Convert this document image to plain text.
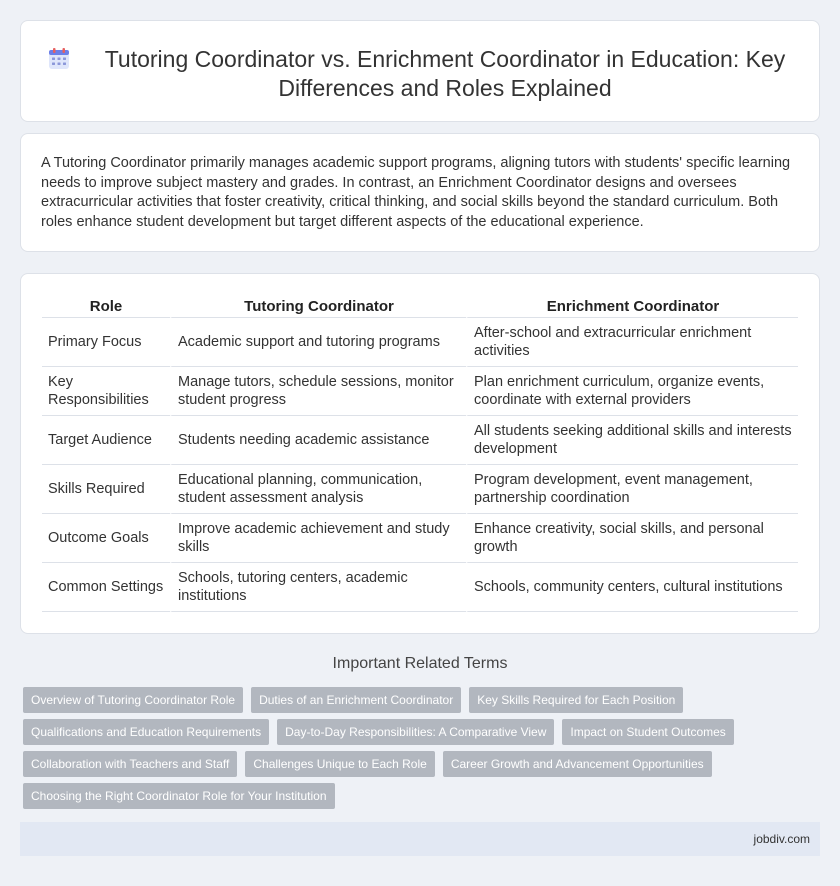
Tutoring Coordinator vs. Enrichment Coordinator in Education: Key Differences and Roles Explained

A Tutoring Coordinator primarily manages academic support programs, aligning tutors with students' specific learning needs to improve subject mastery and grades. In contrast, an Enrichment Coordinator designs and oversees extracurricular activities that foster creativity, critical thinking, and social skills beyond the standard curriculum. Both roles enhance student development but target different aspects of the educational experience.

Role	Tutoring Coordinator	Enrichment Coordinator
Primary Focus	Academic support and tutoring programs	After-school and extracurricular enrichment activities
Key Responsibilities	Manage tutors, schedule sessions, monitor student progress	Plan enrichment curriculum, organize events, coordinate with external providers
Target Audience	Students needing academic assistance	All students seeking additional skills and interests development
Skills Required	Educational planning, communication, student assessment analysis	Program development, event management, partnership coordination
Outcome Goals	Improve academic achievement and study skills	Enhance creativity, social skills, and personal growth
Common Settings	Schools, tutoring centers, academic institutions	Schools, community centers, cultural institutions
Important Related Terms
Overview of Tutoring Coordinator Role	Duties of an Enrichment Coordinator	Key Skills Required for Each Position
Qualifications and Education Requirements	Day-to-Day Responsibilities: A Comparative View	Impact on Student Outcomes
Collaboration with Teachers and Staff	Challenges Unique to Each Role	Career Growth and Advancement Opportunities
Choosing the Right Coordinator Role for Your Institution
jobdiv.com
